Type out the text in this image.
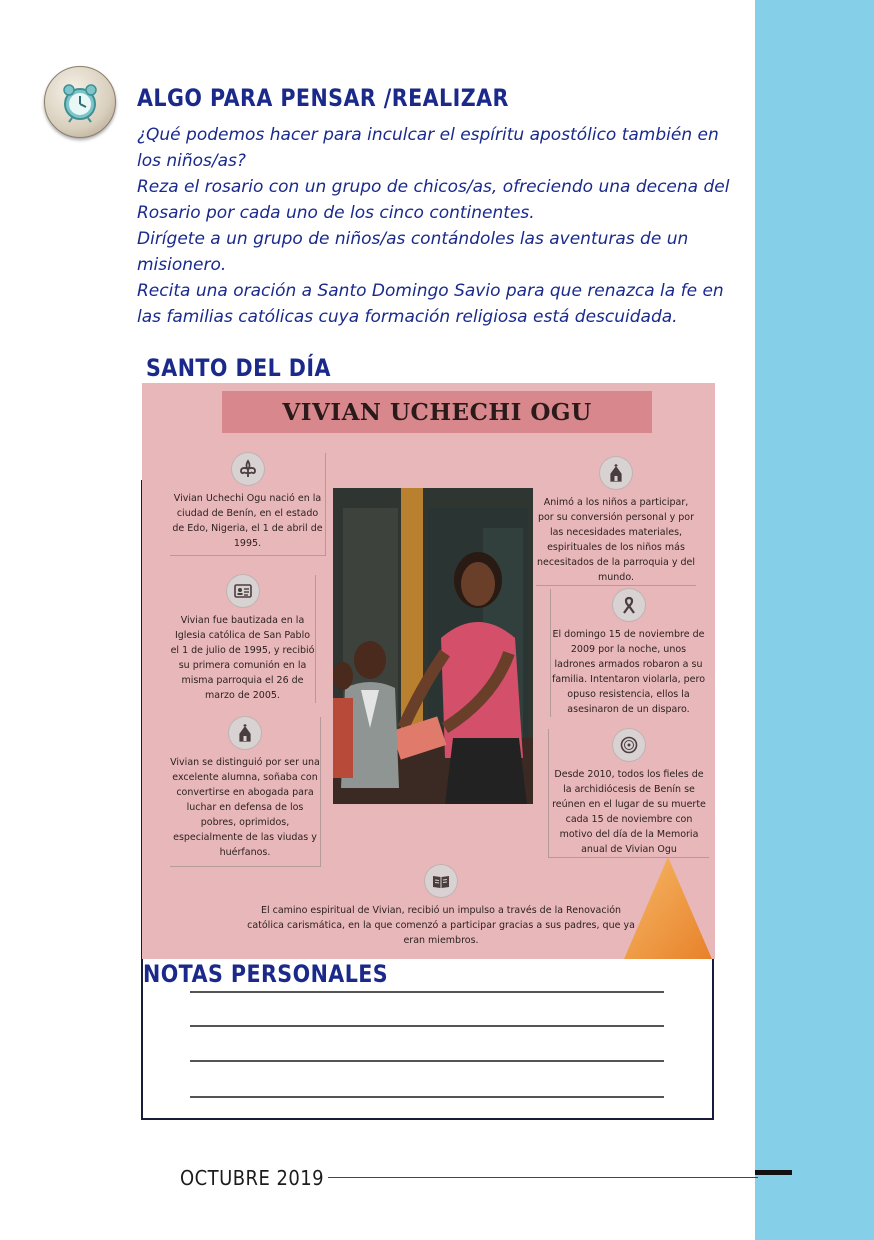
ALGO PARA PENSAR /REALIZAR

¿Qué podemos hacer para inculcar el espíritu apostólico también en los niños/as?

Reza el rosario con un grupo de chicos/as, ofreciendo una decena del Rosario por cada uno de los cinco continentes.

Dirígete a un grupo de niños/as contándoles las aventuras de un misionero.

Recita una oración a Santo Domingo Savio para que renazca la fe en las familias católicas cuya formación religiosa está descuidada.

SANTO DEL DÍA
VIVIAN UCHECHI OGU
Vivian Uchechi Ogu nació en la ciudad de Benín, en el estado de Edo, Nigeria, el 1 de abril de 1995.
Vivian fue bautizada en la Iglesia católica de San Pablo el 1 de julio de 1995, y recibió su primera comunión en la misma parroquia el 26 de marzo de 2005.
Vivian se distinguió por ser una excelente alumna, soñaba con convertirse en abogada para luchar en defensa de los pobres, oprimidos, especialmente de las viudas y huérfanos.
Animó a los niños a participar, por su conversión personal y por las necesidades materiales, espirituales de los niños más necesitados de la parroquia y del mundo.
El domingo 15 de noviembre de 2009 por la noche, unos ladrones armados robaron a su familia. Intentaron violarla, pero opuso resistencia, ellos la asesinaron de un disparo.
Desde 2010, todos los fieles de la archidiócesis de Benín se reúnen en el lugar de su muerte cada 15 de noviembre con motivo del día de la Memoria anual de Vivian Ogu
El camino espiritual de Vivian, recibió un impulso a través de la Renovación católica carismática, en la que comenzó a participar gracias a sus padres, que ya eran miembros.
NOTAS PERSONALES
OCTUBRE 2019
